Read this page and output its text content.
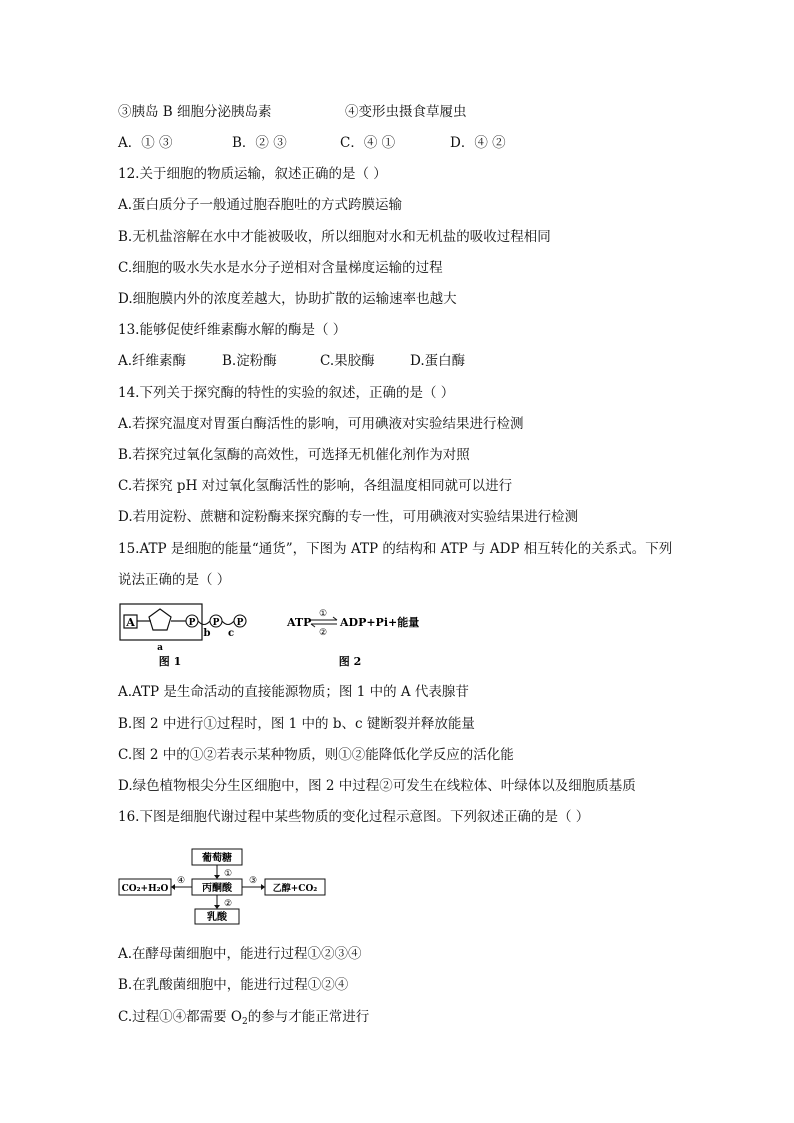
③胰岛 B 细胞分泌胰岛素	④变形虫摄食草履虫
A．① ③	B．② ③	C．④ ①	D．④ ②
12.关于细胞的物质运输，叙述正确的是（ ）
A.蛋白质分子一般通过胞吞胞吐的方式跨膜运输
B.无机盐溶解在水中才能被吸收，所以细胞对水和无机盐的吸收过程相同
C.细胞的吸水失水是水分子逆相对含量梯度运输的过程
D.细胞膜内外的浓度差越大，协助扩散的运输速率也越大
13.能够促使纤维素酶水解的酶是（ ）
A.纤维素酶	B.淀粉酶	C.果胶酶	D.蛋白酶
14.下列关于探究酶的特性的实验的叙述，正确的是（ ）
A.若探究温度对胃蛋白酶活性的影响，可用碘液对实验结果进行检测
B.若探究过氧化氢酶的高效性，可选择无机催化剂作为对照
C.若探究 pH 对过氧化氢酶活性的影响，各组温度相同就可以进行
D.若用淀粉、蔗糖和淀粉酶来探究酶的专一性，可用碘液对实验结果进行检测
15.ATP 是细胞的能量“通货”，下图为 ATP 的结构和 ATP 与 ADP 相互转化的关系式。下列
说法正确的是（ ）
A	P P P
b c
a
图 1
ATP
①
②
ADP+Pi+能量
图 2
A.ATP 是生命活动的直接能源物质；图 1 中的 A 代表腺苷
B.图 2 中进行①过程时，图 1 中的 b、c 键断裂并释放能量
C.图 2 中的①②若表示某种物质，则①②能降低化学反应的活化能
D.绿色植物根尖分生区细胞中，图 2 中过程②可发生在线粒体、叶绿体以及细胞质基质
16.下图是细胞代谢过程中某些物质的变化过程示意图。下列叙述正确的是（ ）
葡萄糖
①
丙酮酸
②
乳酸
CO₂+H₂O
④	③
乙醇+CO₂
A.在酵母菌细胞中，能进行过程①②③④
B.在乳酸菌细胞中，能进行过程①②④
C.过程①④都需要 $O_2$的参与才能正常进行
